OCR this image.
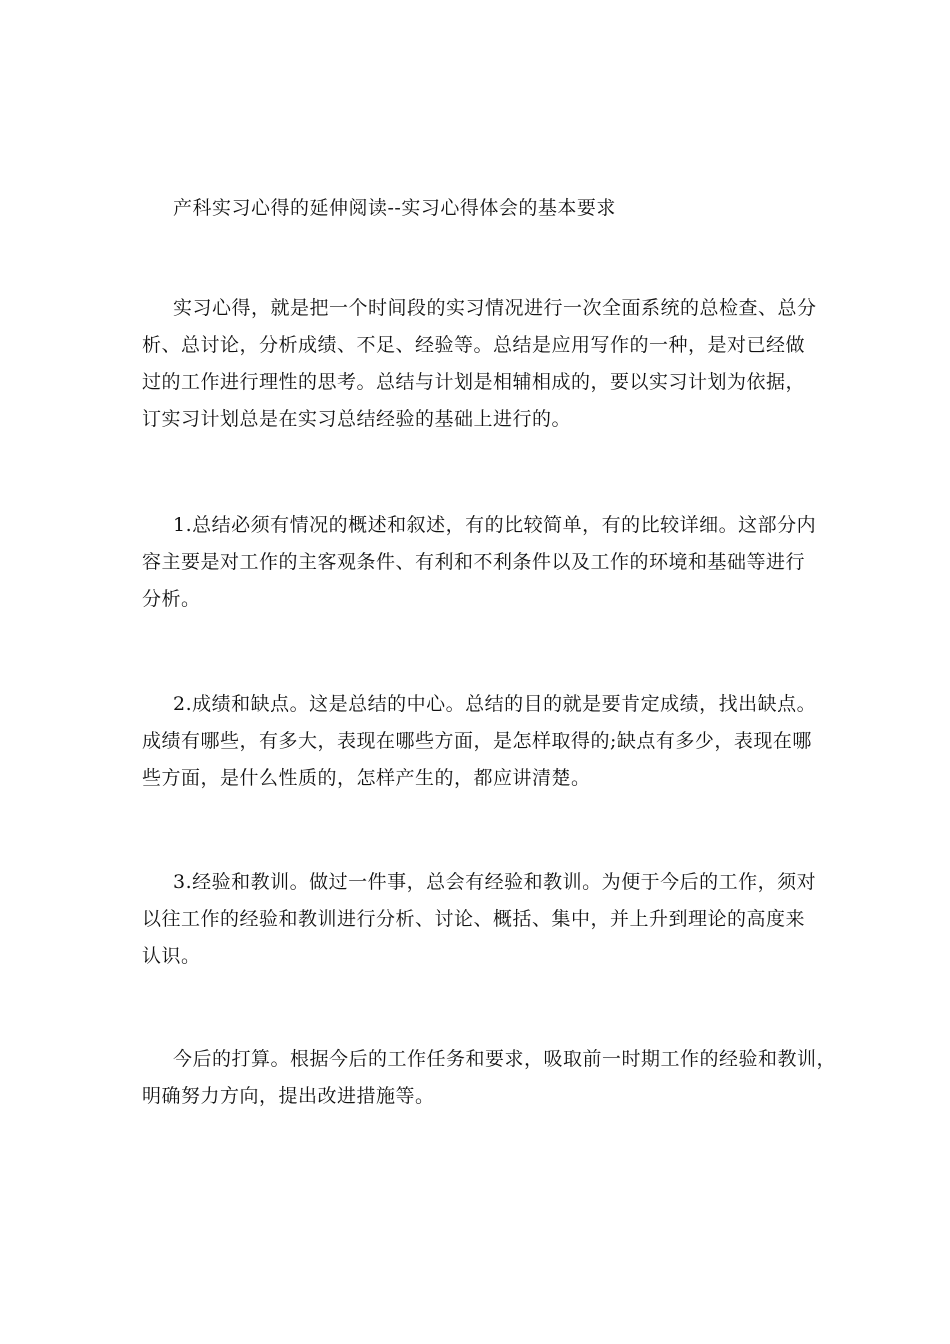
产科实习心得的延伸阅读--实习心得体会的基本要求
实习心得，就是把一个时间段的实习情况进行一次全面系统的总检查、总分
析、总讨论，分析成绩、不足、经验等。总结是应用写作的一种，是对已经做
过的工作进行理性的思考。总结与计划是相辅相成的，要以实习计划为依据，
订实习计划总是在实习总结经验的基础上进行的。
1.总结必须有情况的概述和叙述，有的比较简单，有的比较详细。这部分内
容主要是对工作的主客观条件、有利和不利条件以及工作的环境和基础等进行
分析。
2.成绩和缺点。这是总结的中心。总结的目的就是要肯定成绩，找出缺点。
成绩有哪些，有多大，表现在哪些方面，是怎样取得的;缺点有多少，表现在哪
些方面，是什么性质的，怎样产生的，都应讲清楚。
3.经验和教训。做过一件事，总会有经验和教训。为便于今后的工作，须对
以往工作的经验和教训进行分析、讨论、概括、集中，并上升到理论的高度来
认识。
今后的打算。根据今后的工作任务和要求，吸取前一时期工作的经验和教训，
明确努力方向，提出改进措施等。
